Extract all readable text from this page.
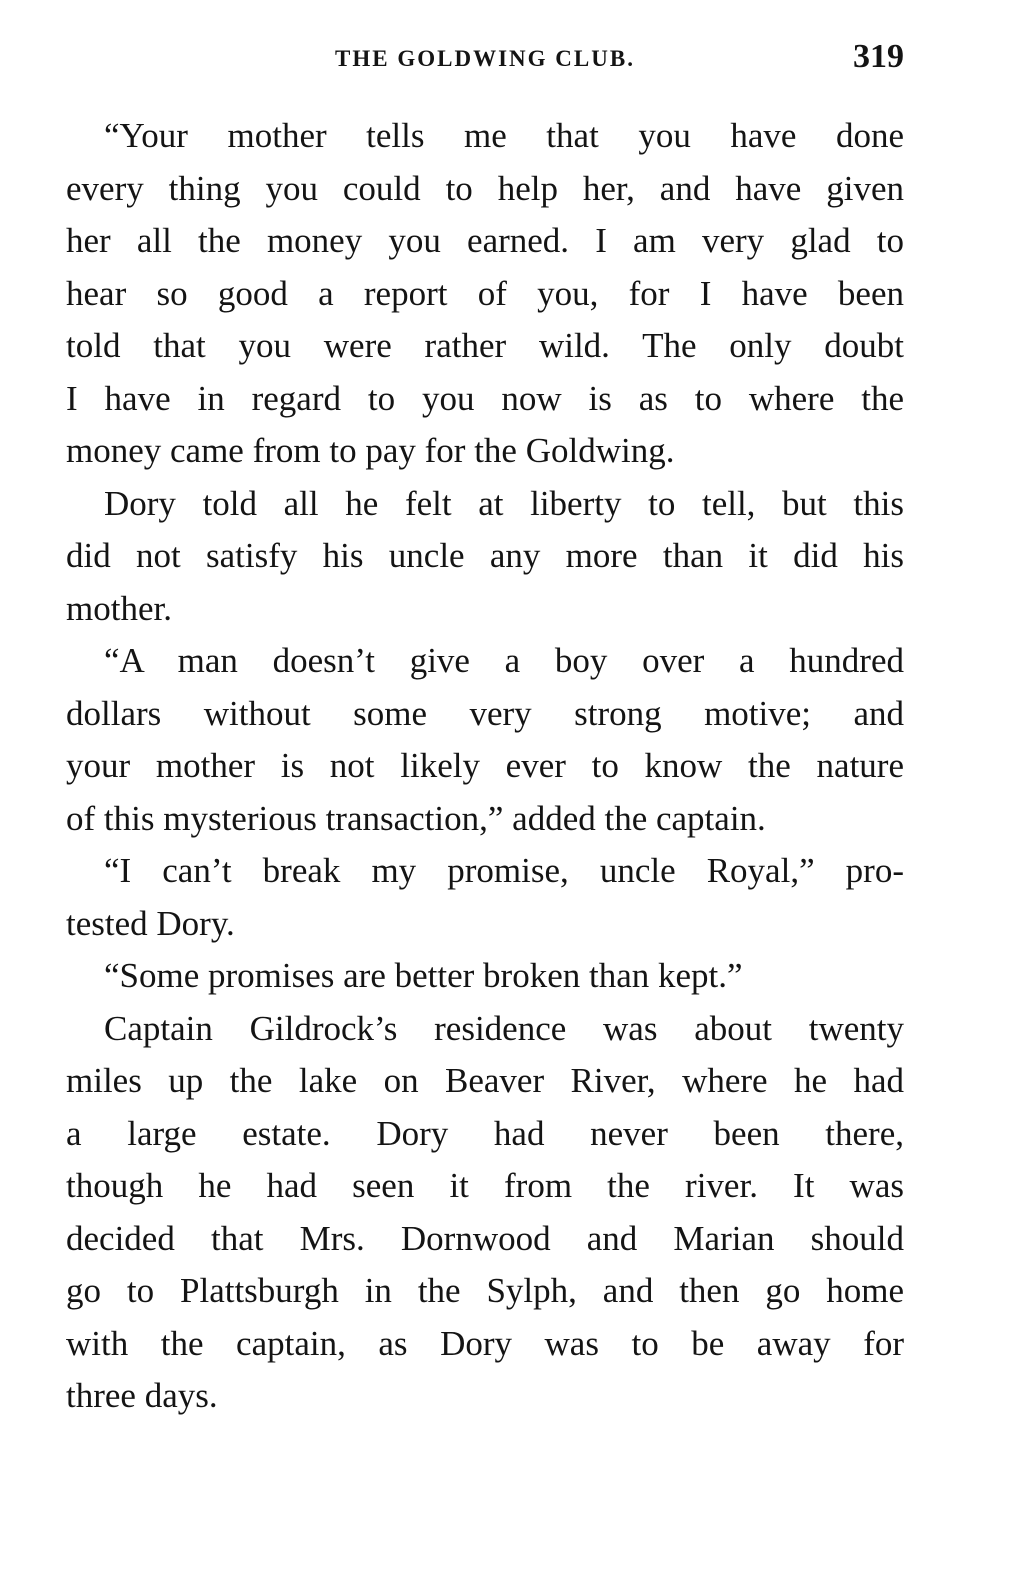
THE GOLDWING CLUB.	319
“Your mother tells me that you have done
every thing you could to help her, and have given
her all the money you earned. I am very glad to
hear so good a report of you, for I have been
told that you were rather wild. The only doubt
I have in regard to you now is as to where the
money came from to pay for the Goldwing.
Dory told all he felt at liberty to tell, but this
did not satisfy his uncle any more than it did his
mother.
“A man doesn’t give a boy over a hundred
dollars without some very strong motive; and
your mother is not likely ever to know the nature
of this mysterious transaction,” added the captain.
“I can’t break my promise, uncle Royal,” pro-
tested Dory.
“Some promises are better broken than kept.”
Captain Gildrock’s residence was about twenty
miles up the lake on Beaver River, where he had
a large estate. Dory had never been there,
though he had seen it from the river. It was
decided that Mrs. Dornwood and Marian should
go to Plattsburgh in the Sylph, and then go home
with the captain, as Dory was to be away for
three days.
